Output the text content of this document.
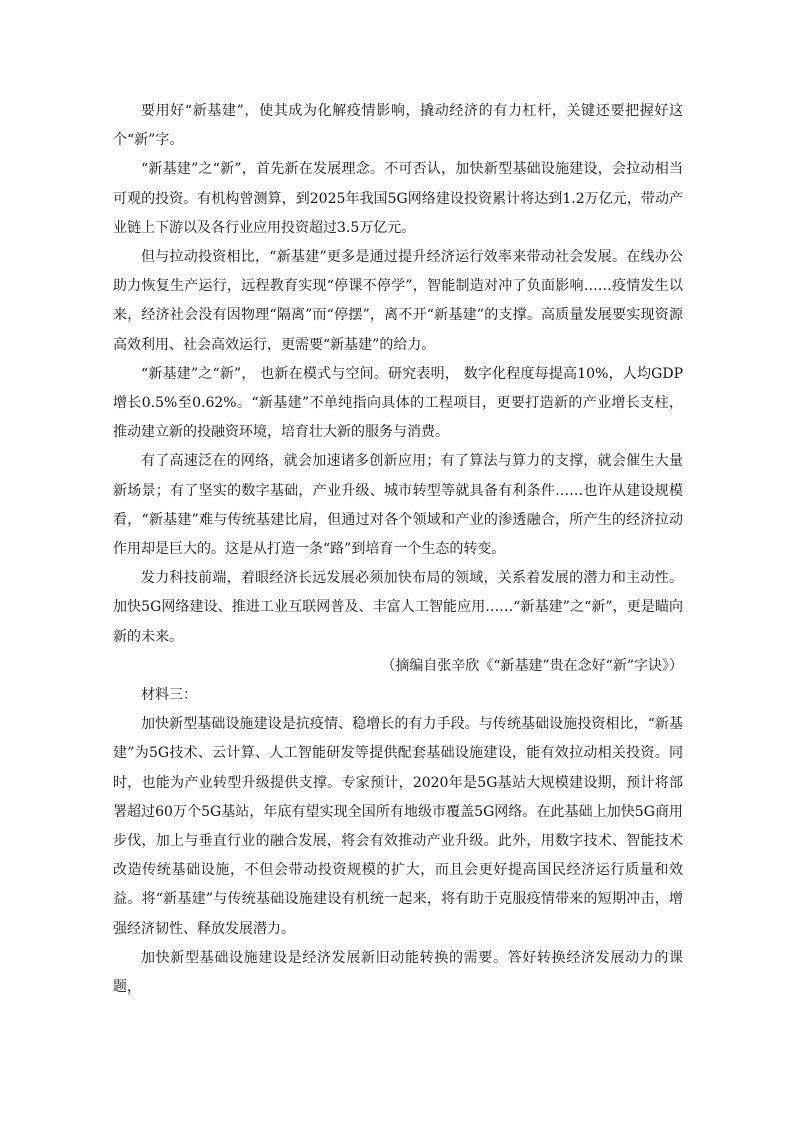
要用好“新基建”，使其成为化解疫情影响，撬动经济的有力杠杆，关键还要把握好这个“新”字。

“新基建”之“新”，首先新在发展理念。不可否认，加快新型基础设施建设，会拉动相当可观的投资。有机构曾测算，到2025年我国5G网络建设投资累计将达到1.2万亿元，带动产业链上下游以及各行业应用投资超过3.5万亿元。

但与拉动投资相比，“新基建”更多是通过提升经济运行效率来带动社会发展。在线办公助力恢复生产运行，远程教育实现“停课不停学”，智能制造对冲了负面影响……疫情发生以来，经济社会没有因物理“隔离”而“停摆”，离不开“新基建”的支撑。高质量发展要实现资源高效利用、社会高效运行，更需要“新基建”的给力。

“新基建”之“新”， 也新在模式与空间。研究表明， 数字化程度每提高10%，人均GDP增长0.5%至0.62%。“新基建”不单纯指向具体的工程项目，更要打造新的产业增长支柱，推动建立新的投融资环境，培育壮大新的服务与消费。

有了高速泛在的网络，就会加速诸多创新应用；有了算法与算力的支撑，就会催生大量新场景；有了坚实的数字基础，产业升级、城市转型等就具备有利条件……也许从建设规模看，“新基建”难与传统基建比肩，但通过对各个领域和产业的渗透融合，所产生的经济拉动作用却是巨大的。这是从打造一条“路”到培育一个生态的转变。

发力科技前端，着眼经济长远发展必须加快布局的领域，关系着发展的潜力和主动性。加快5G网络建设、推进工业互联网普及、丰富人工智能应用……“新基建”之“新”，更是瞄向新的未来。

（摘编自张辛欣《“新基建”贵在念好“新”字诀》）

材料三：

加快新型基础设施建设是抗疫情、稳增长的有力手段。与传统基础设施投资相比，“新基建”为5G技术、云计算、人工智能研发等提供配套基础设施建设，能有效拉动相关投资。同时，也能为产业转型升级提供支撑。专家预计，2020年是5G基站大规模建设期，预计将部署超过60万个5G基站，年底有望实现全国所有地级市覆盖5G网络。在此基础上加快5G商用步伐，加上与垂直行业的融合发展，将会有效推动产业升级。此外，用数字技术、智能技术改造传统基础设施，不但会带动投资规模的扩大，而且会更好提高国民经济运行质量和效益。将“新基建”与传统基础设施建设有机统一起来，将有助于克服疫情带来的短期冲击，增强经济韧性、释放发展潜力。

加快新型基础设施建设是经济发展新旧动能转换的需要。答好转换经济发展动力的课题，
